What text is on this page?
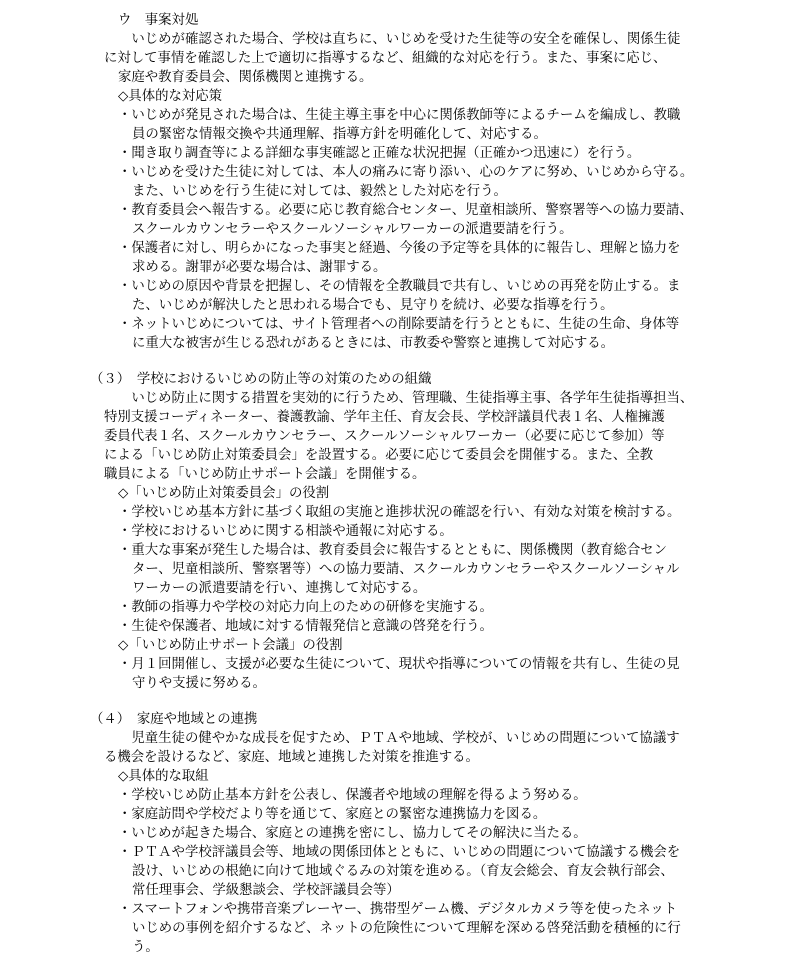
ウ　事案対処
　いじめが確認された場合、学校は直ちに、いじめを受けた生徒等の安全を確保し、関係生徒
に対して事情を確認した上で適切に指導するなど、組織的な対応を行う。また、事案に応じ、
家庭や教育委員会、関係機関と連携する。
◇具体的な対応策
・いじめが発見された場合は、生徒主導主事を中心に関係教師等によるチームを編成し、教職
員の緊密な情報交換や共通理解、指導方針を明確化して、対応する。
・聞き取り調査等による詳細な事実確認と正確な状況把握（正確かつ迅速に）を行う。
・いじめを受けた生徒に対しては、本人の痛みに寄り添い、心のケアに努め、いじめから守る。
また、いじめを行う生徒に対しては、毅然とした対応を行う。
・教育委員会へ報告する。必要に応じ教育総合センター、児童相談所、警察署等への協力要請、
スクールカウンセラーやスクールソーシャルワーカーの派遣要請を行う。
・保護者に対し、明らかになった事実と経過、今後の予定等を具体的に報告し、理解と協力を
求める。謝罪が必要な場合は、謝罪する。
・いじめの原因や背景を把握し、その情報を全教職員で共有し、いじめの再発を防止する。ま
た、いじめが解決したと思われる場合でも、見守りを続け、必要な指導を行う。
・ネットいじめについては、サイト管理者への削除要請を行うとともに、生徒の生命、身体等
に重大な被害が生じる恐れがあるときには、市教委や警察と連携して対応する。
（３）　学校におけるいじめの防止等の対策のための組織
　いじめ防止に関する措置を実効的に行うため、管理職、生徒指導主事、各学年生徒指導担当、
特別支援コーディネーター、養護教諭、学年主任、育友会長、学校評議員代表１名、人権擁護
委員代表１名、スクールカウンセラー、スクールソーシャルワーカー（必要に応じて参加）等
による「いじめ防止対策委員会」を設置する。必要に応じて委員会を開催する。また、全教
職員による「いじめ防止サポート会議」を開催する。
◇「いじめ防止対策委員会」の役割
・学校いじめ基本方針に基づく取組の実施と進捗状況の確認を行い、有効な対策を検討する。
・学校におけるいじめに関する相談や通報に対応する。
・重大な事案が発生した場合は、教育委員会に報告するとともに、関係機関（教育総合セン
ター、児童相談所、警察署等）への協力要請、スクールカウンセラーやスクールソーシャル
ワーカーの派遣要請を行い、連携して対応する。
・教師の指導力や学校の対応力向上のための研修を実施する。
・生徒や保護者、地域に対する情報発信と意識の啓発を行う。
◇「いじめ防止サポート会議」の役割
・月１回開催し、支援が必要な生徒について、現状や指導についての情報を共有し、生徒の見
守りや支援に努める。
（４）　家庭や地域との連携
　児童生徒の健やかな成長を促すため、ＰＴＡや地域、学校が、いじめの問題について協議す
る機会を設けるなど、家庭、地域と連携した対策を推進する。
◇具体的な取組
・学校いじめ防止基本方針を公表し、保護者や地域の理解を得るよう努める。
・家庭訪問や学校だより等を通じて、家庭との緊密な連携協力を図る。
・いじめが起きた場合、家庭との連携を密にし、協力してその解決に当たる。
・ＰＴＡや学校評議員会等、地域の関係団体とともに、いじめの問題について協議する機会を
設け、いじめの根絶に向けて地域ぐるみの対策を進める。（育友会総会、育友会執行部会、
常任理事会、学級懇談会、学校評議員会等）
・スマートフォンや携帯音楽プレーヤー、携帯型ゲーム機、デジタルカメラ等を使ったネット
いじめの事例を紹介するなど、ネットの危険性について理解を深める啓発活動を積極的に行
う。
